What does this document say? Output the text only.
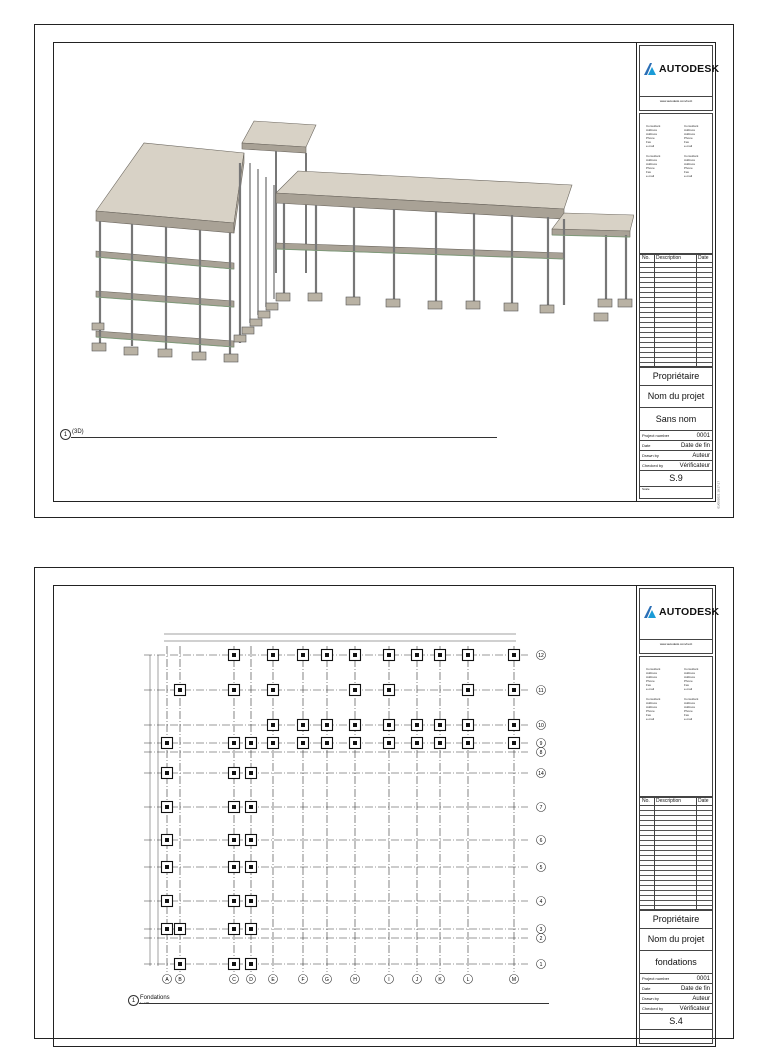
1 (3D)
AUTODESK
www.autodesk.com/revit
Consultant
Address
Address
Phone
Fax
e-mail
Consultant
Address
Address
Phone
Fax
e-mail
Consultant
Address
Address
Phone
Fax
e-mail
Consultant
Address
Address
Phone
Fax
e-mail
No.	Description	Date
Propriétaire
Nom du projet
Sans nom
Project number	0001
Date	Date de fin
Drawn by	Auteur
Checked by	Vérificateur
S.9
Scale	01/05/2021 19:17:17
A B	C	D	E	F	G	H	I	J	K	L	M
12
11
10
9
8
14
7
6
5
4
3
2
1
1 Fondations
AUTODESK
www.autodesk.com/revit
Consultant
Address
Address
Phone
Fax
e-mail
Consultant
Address
Address
Phone
Fax
e-mail
Consultant
Address
Address
Phone
Fax
e-mail
Consultant
Address
Address
Phone
Fax
e-mail
No.	Description	Date
Propriétaire
Nom du projet
fondations
Project number	0001
Date	Date de fin
Drawn by	Auteur
Checked by	Vérificateur
S.4
